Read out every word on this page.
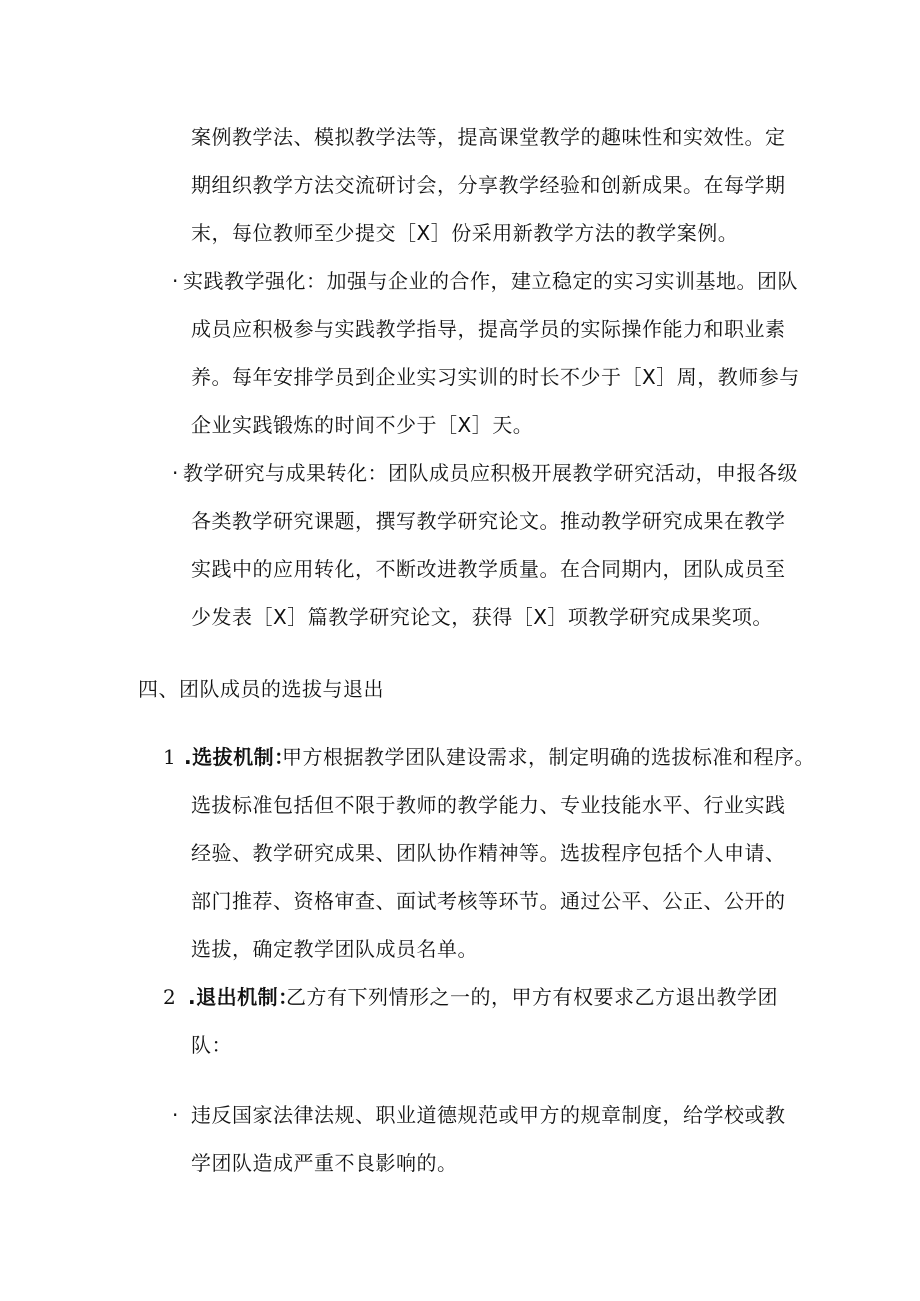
案例教学法、模拟教学法等，提高课堂教学的趣味性和实效性。定
期组织教学方法交流研讨会，分享教学经验和创新成果。在每学期
末，每位教师至少提交［X］份采用新教学方法的教学案例。
· 实践教学强化：加强与企业的合作，建立稳定的实习实训基地。团队
成员应积极参与实践教学指导，提高学员的实际操作能力和职业素
养。每年安排学员到企业实习实训的时长不少于［X］周，教师参与
企业实践锻炼的时间不少于［X］天。
· 教学研究与成果转化：团队成员应积极开展教学研究活动，申报各级
各类教学研究课题，撰写教学研究论文。推动教学研究成果在教学
实践中的应用转化，不断改进教学质量。在合同期内，团队成员至
少发表［X］篇教学研究论文，获得［X］项教学研究成果奖项。
四、团队成员的选拔与退出
1 .选拔机制：
甲方根据教学团队建设需求，制定明确的选拔标准和程序。
选拔标准包括但不限于教师的教学能力、专业技能水平、行业实践
经验、教学研究成果、团队协作精神等。选拔程序包括个人申请、
部门推荐、资格审查、面试考核等环节。通过公平、公正、公开的
选拔，确定教学团队成员名单。
2 .退出机制：
乙方有下列情形之一的，甲方有权要求乙方退出教学团
队：
· 违反国家法律法规、职业道德规范或甲方的规章制度，给学校或教
学团队造成严重不良影响的。
